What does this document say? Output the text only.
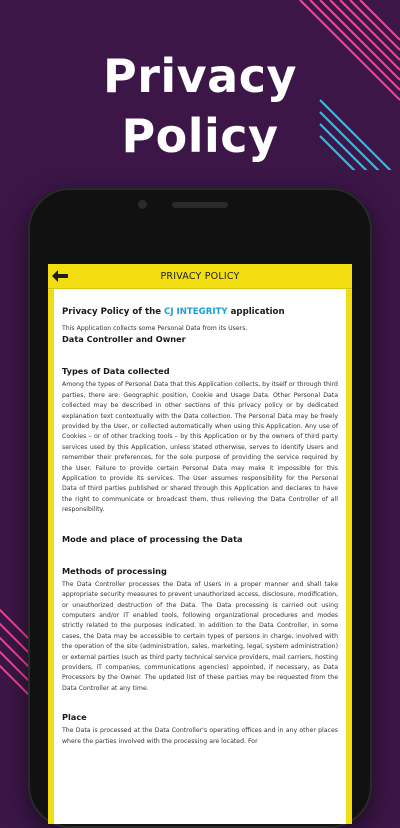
Privacy
Policy
PRIVACY POLICY
Privacy Policy of the CJ INTEGRITY application

This Application collects some Personal Data from its Users.

Data Controller and Owner
Types of Data collected

Among the types of Personal Data that this Application collects, by itself or through third parties, there are: Geographic position, Cookie and Usage Data. Other Personal Data collected may be described in other sections of this privacy policy or by dedicated explanation text contextually with the Data collection. The Personal Data may be freely provided by the User, or collected automatically when using this Application. Any use of Cookies – or of other tracking tools – by this Application or by the owners of third party services used by this Application, unless stated otherwise, serves to identify Users and remember their preferences, for the sole purpose of providing the service required by the User. Failure to provide certain Personal Data may make it impossible for this Application to provide its services. The User assumes responsibility for the Personal Data of third parties published or shared through this Application and declares to have the right to communicate or broadcast them, thus relieving the Data Controller of all responsibility.

Mode and place of processing the Data
Methods of processing

The Data Controller processes the Data of Users in a proper manner and shall take appropriate security measures to prevent unauthorized access, disclosure, modification, or unauthorized destruction of the Data. The Data processing is carried out using computers and/or IT enabled tools, following organizational procedures and modes strictly related to the purposes indicated. In addition to the Data Controller, in some cases, the Data may be accessible to certain types of persons in charge, involved with the operation of the site (administration, sales, marketing, legal, system administration) or external parties (such as third party technical service providers, mail carriers, hosting providers, IT companies, communications agencies) appointed, if necessary, as Data Processors by the Owner. The updated list of these parties may be requested from the Data Controller at any time.

Place

The Data is processed at the Data Controller's operating offices and in any other places where the parties involved with the processing are located. For
